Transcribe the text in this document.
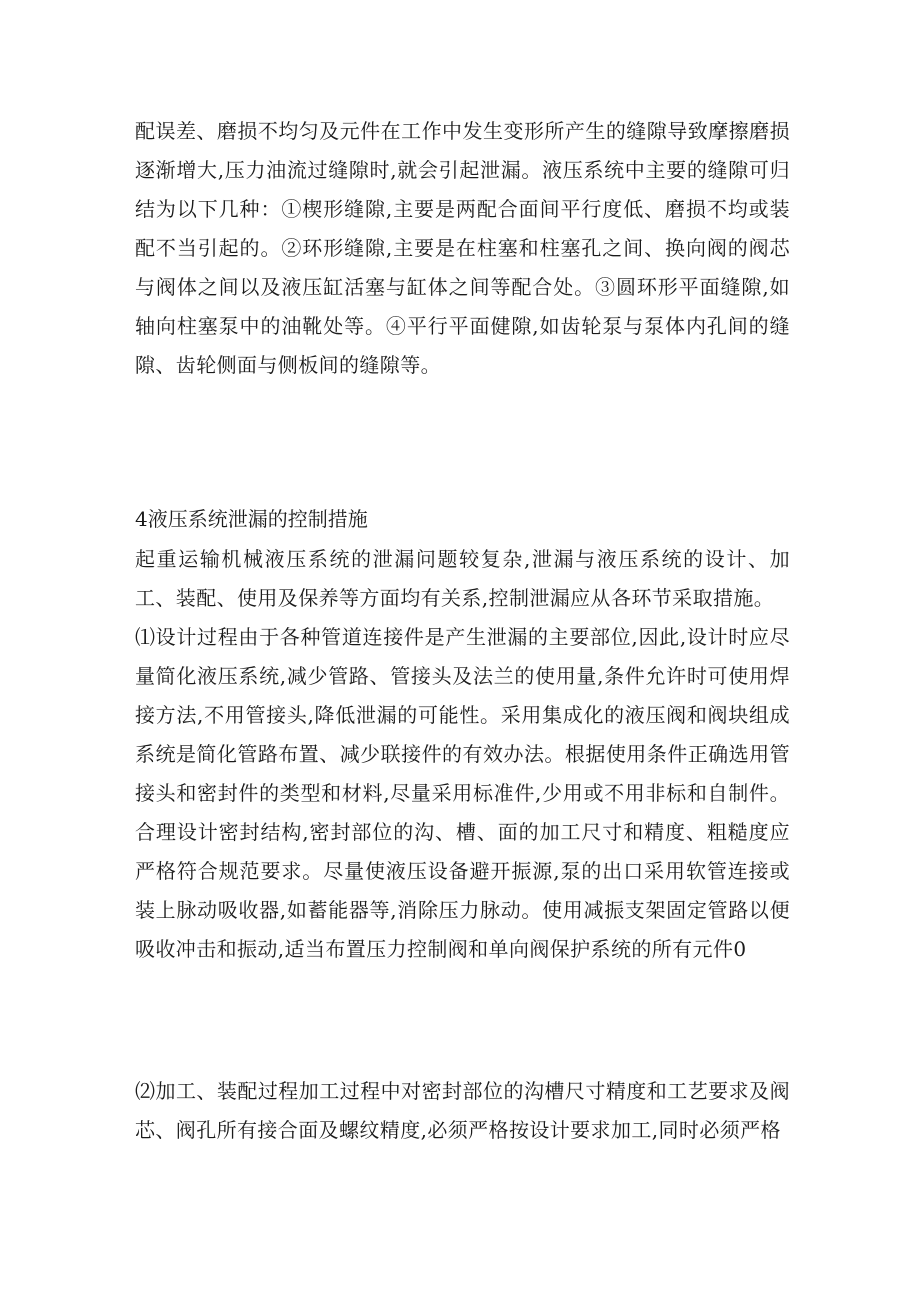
配误差、磨损不均匀及元件在工作中发生变形所产生的缝隙导致摩擦磨损逐渐增大,压力油流过缝隙时,就会引起泄漏。液压系统中主要的缝隙可归结为以下几种：①楔形缝隙,主要是两配合面间平行度低、磨损不均或装配不当引起的。②环形缝隙,主要是在柱塞和柱塞孔之间、换向阀的阀芯与阀体之间以及液压缸活塞与缸体之间等配合处。③圆环形平面缝隙,如轴向柱塞泵中的油靴处等。④平行平面健隙,如齿轮泵与泵体内孔间的缝隙、齿轮侧面与侧板间的缝隙等。

4液压系统泄漏的控制措施

起重运输机械液压系统的泄漏问题较复杂,泄漏与液压系统的设计、加工、装配、使用及保养等方面均有关系,控制泄漏应从各环节采取措施。

⑴设计过程由于各种管道连接件是产生泄漏的主要部位,因此,设计时应尽量简化液压系统,减少管路、管接头及法兰的使用量,条件允许时可使用焊接方法,不用管接头,降低泄漏的可能性。采用集成化的液压阀和阀块组成系统是简化管路布置、减少联接件的有效办法。根据使用条件正确选用管接头和密封件的类型和材料,尽量采用标准件,少用或不用非标和自制件。合理设计密封结构,密封部位的沟、槽、面的加工尺寸和精度、粗糙度应严格符合规范要求。尽量使液压设备避开振源,泵的出口采用软管连接或装上脉动吸收器,如蓄能器等,消除压力脉动。使用减振支架固定管路以便吸收冲击和振动,适当布置压力控制阀和单向阀保护系统的所有元件0

⑵加工、装配过程加工过程中对密封部位的沟槽尺寸精度和工艺要求及阀芯、阀孔所有接合面及螺纹精度,必须严格按设计要求加工,同时必须严格
